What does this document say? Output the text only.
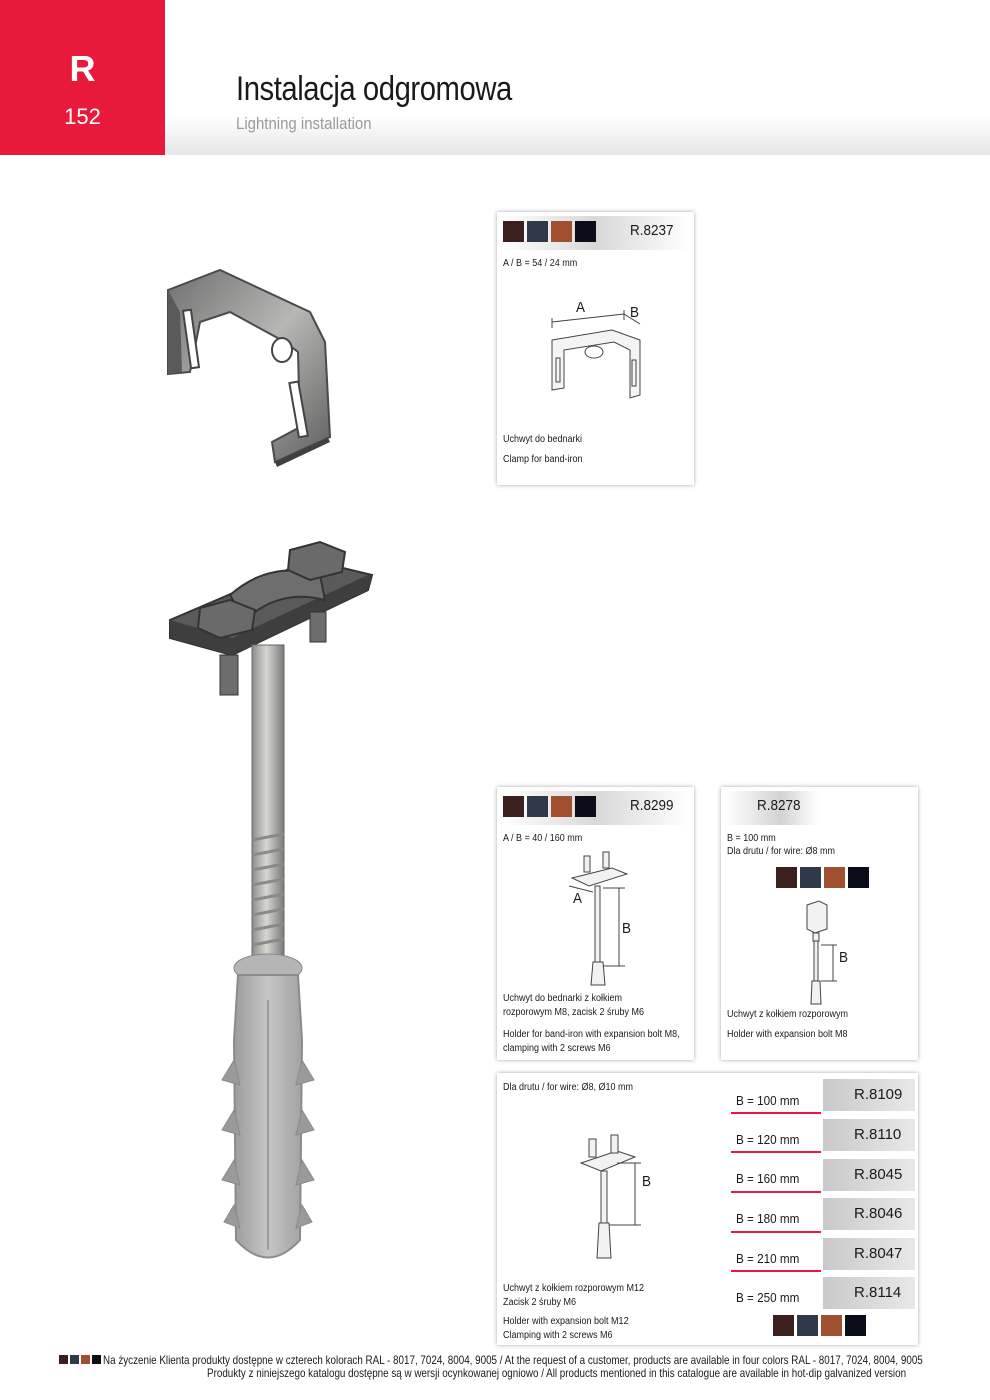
R
152
Instalacja odgromowa
Lightning installation
R.8237
A / B = 54 / 24 mm
A	B
Uchwyt do bednarki
Clamp for band-iron
R.8299
A / B = 40 / 160 mm
A
B
Uchwyt do bednarki z kołkiem
rozporowym M8, zacisk 2 śruby M6
Holder for band-iron with expansion bolt M8,
clamping with 2 screws M6
R.8278
B = 100 mm
Dla drutu / for wire: Ø8 mm
B
Uchwyt z kołkiem rozporowym
Holder with expansion bolt M8
Dla drutu / for wire: Ø8, Ø10 mm
B
Uchwyt z kołkiem rozporowym M12
Zacisk 2 śruby M6
Holder with expansion bolt M12
Clamping with 2 screws M6
B = 100 mm	R.8109
B = 120 mm	R.8110
B = 160 mm	R.8045
B = 180 mm	R.8046
B = 210 mm	R.8047
B = 250 mm	R.8114
Na życzenie Klienta produkty dostępne w czterech kolorach RAL - 8017, 7024, 8004, 9005 / At the request of a customer, products are available in four colors RAL - 8017, 7024, 8004, 9005
Produkty z niniejszego katalogu dostępne są w wersji ocynkowanej ogniowo / All products mentioned in this catalogue are available in hot-dip galvanized version
